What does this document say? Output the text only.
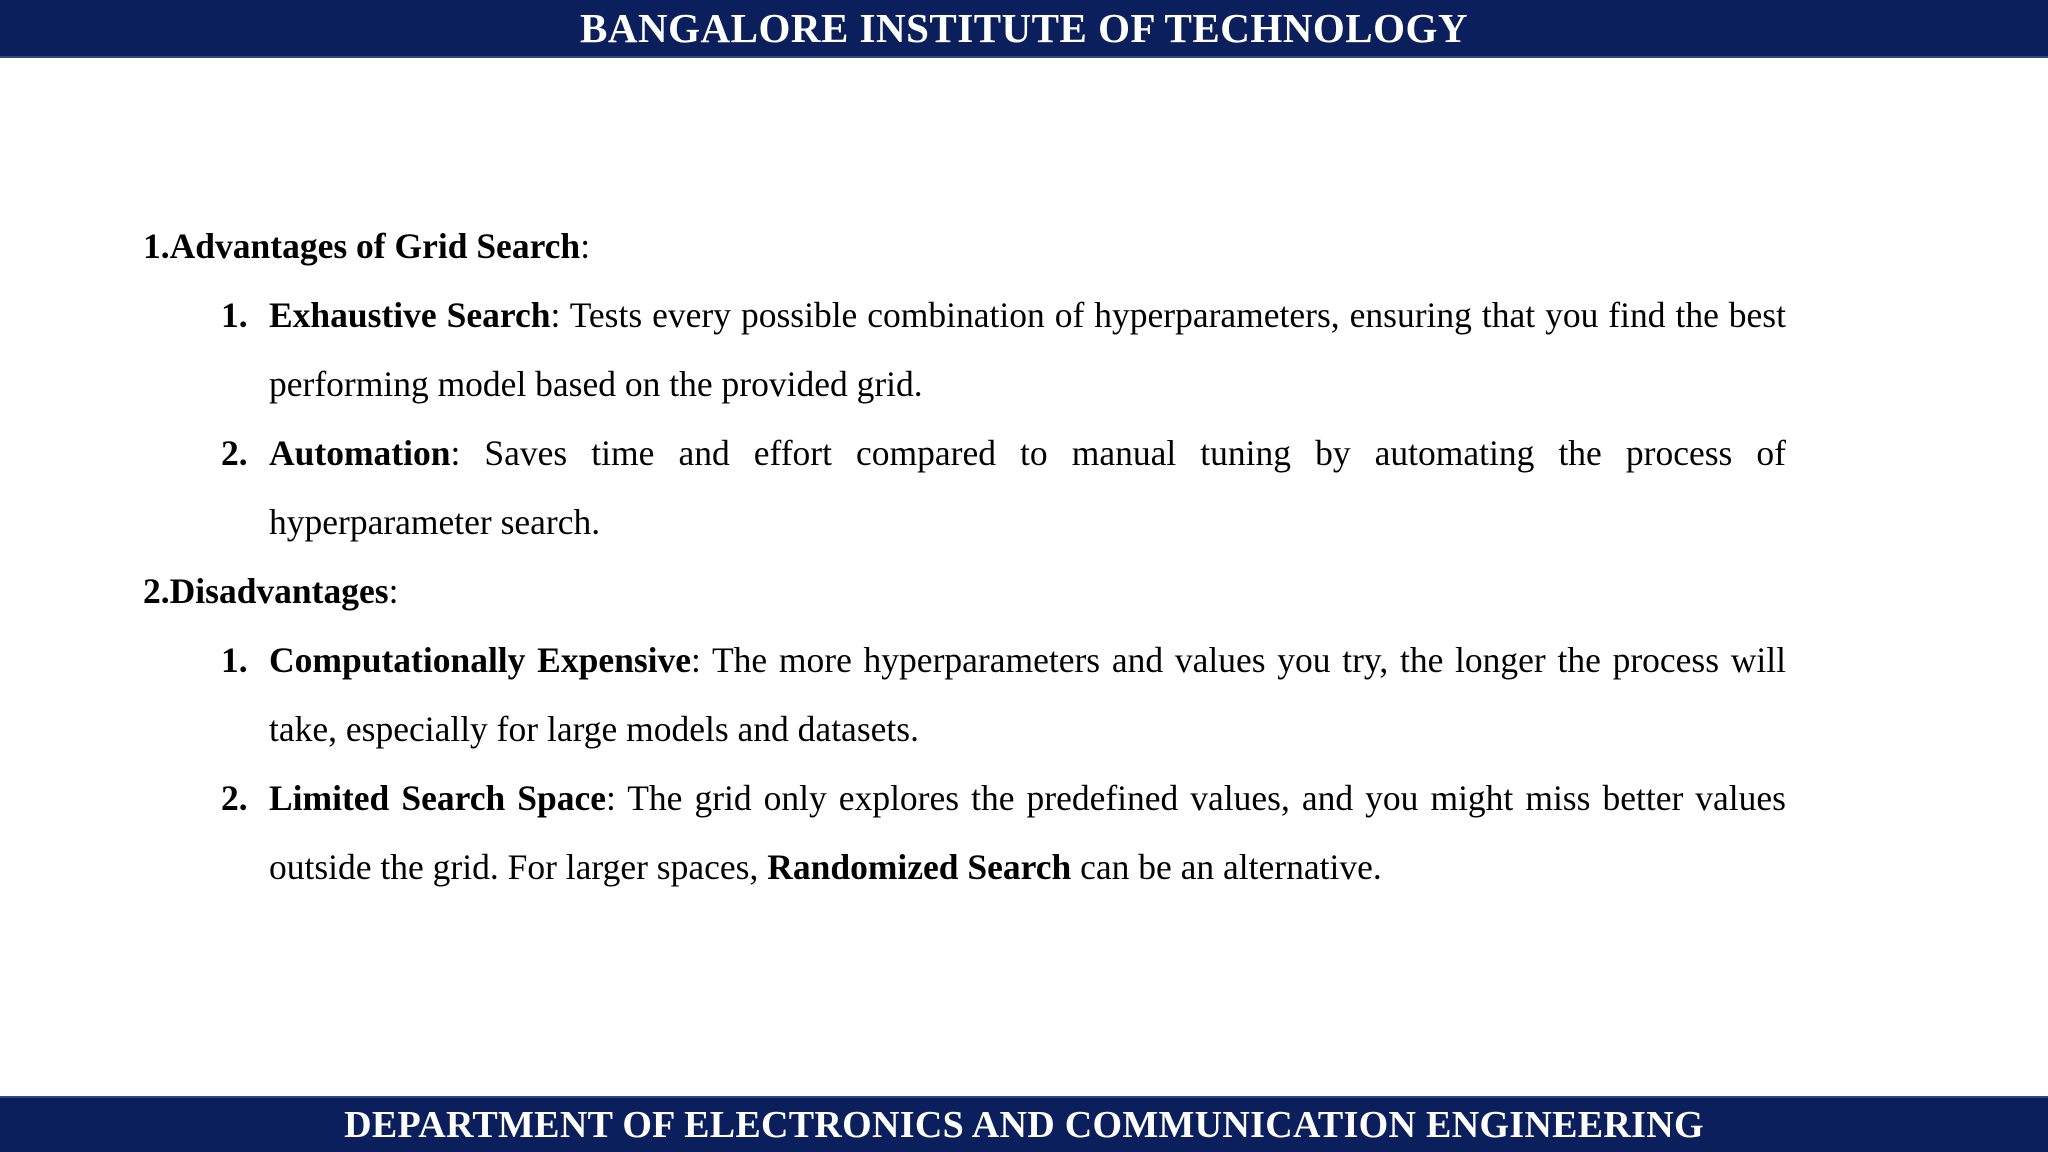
BANGALORE INSTITUTE OF TECHNOLOGY

1.Advantages of Grid Search:

1. Exhaustive Search: Tests every possible combination of hyperparameters, ensuring that you find the best performing model based on the provided grid.

2. Automation: Saves time and effort compared to manual tuning by automating the process of hyperparameter search.

2.Disadvantages:

1. Computationally Expensive: The more hyperparameters and values you try, the longer the process will take, especially for large models and datasets.

2. Limited Search Space: The grid only explores the predefined values, and you might miss better values outside the grid. For larger spaces, Randomized Search can be an alternative.

DEPARTMENT OF ELECTRONICS AND COMMUNICATION ENGINEERING
